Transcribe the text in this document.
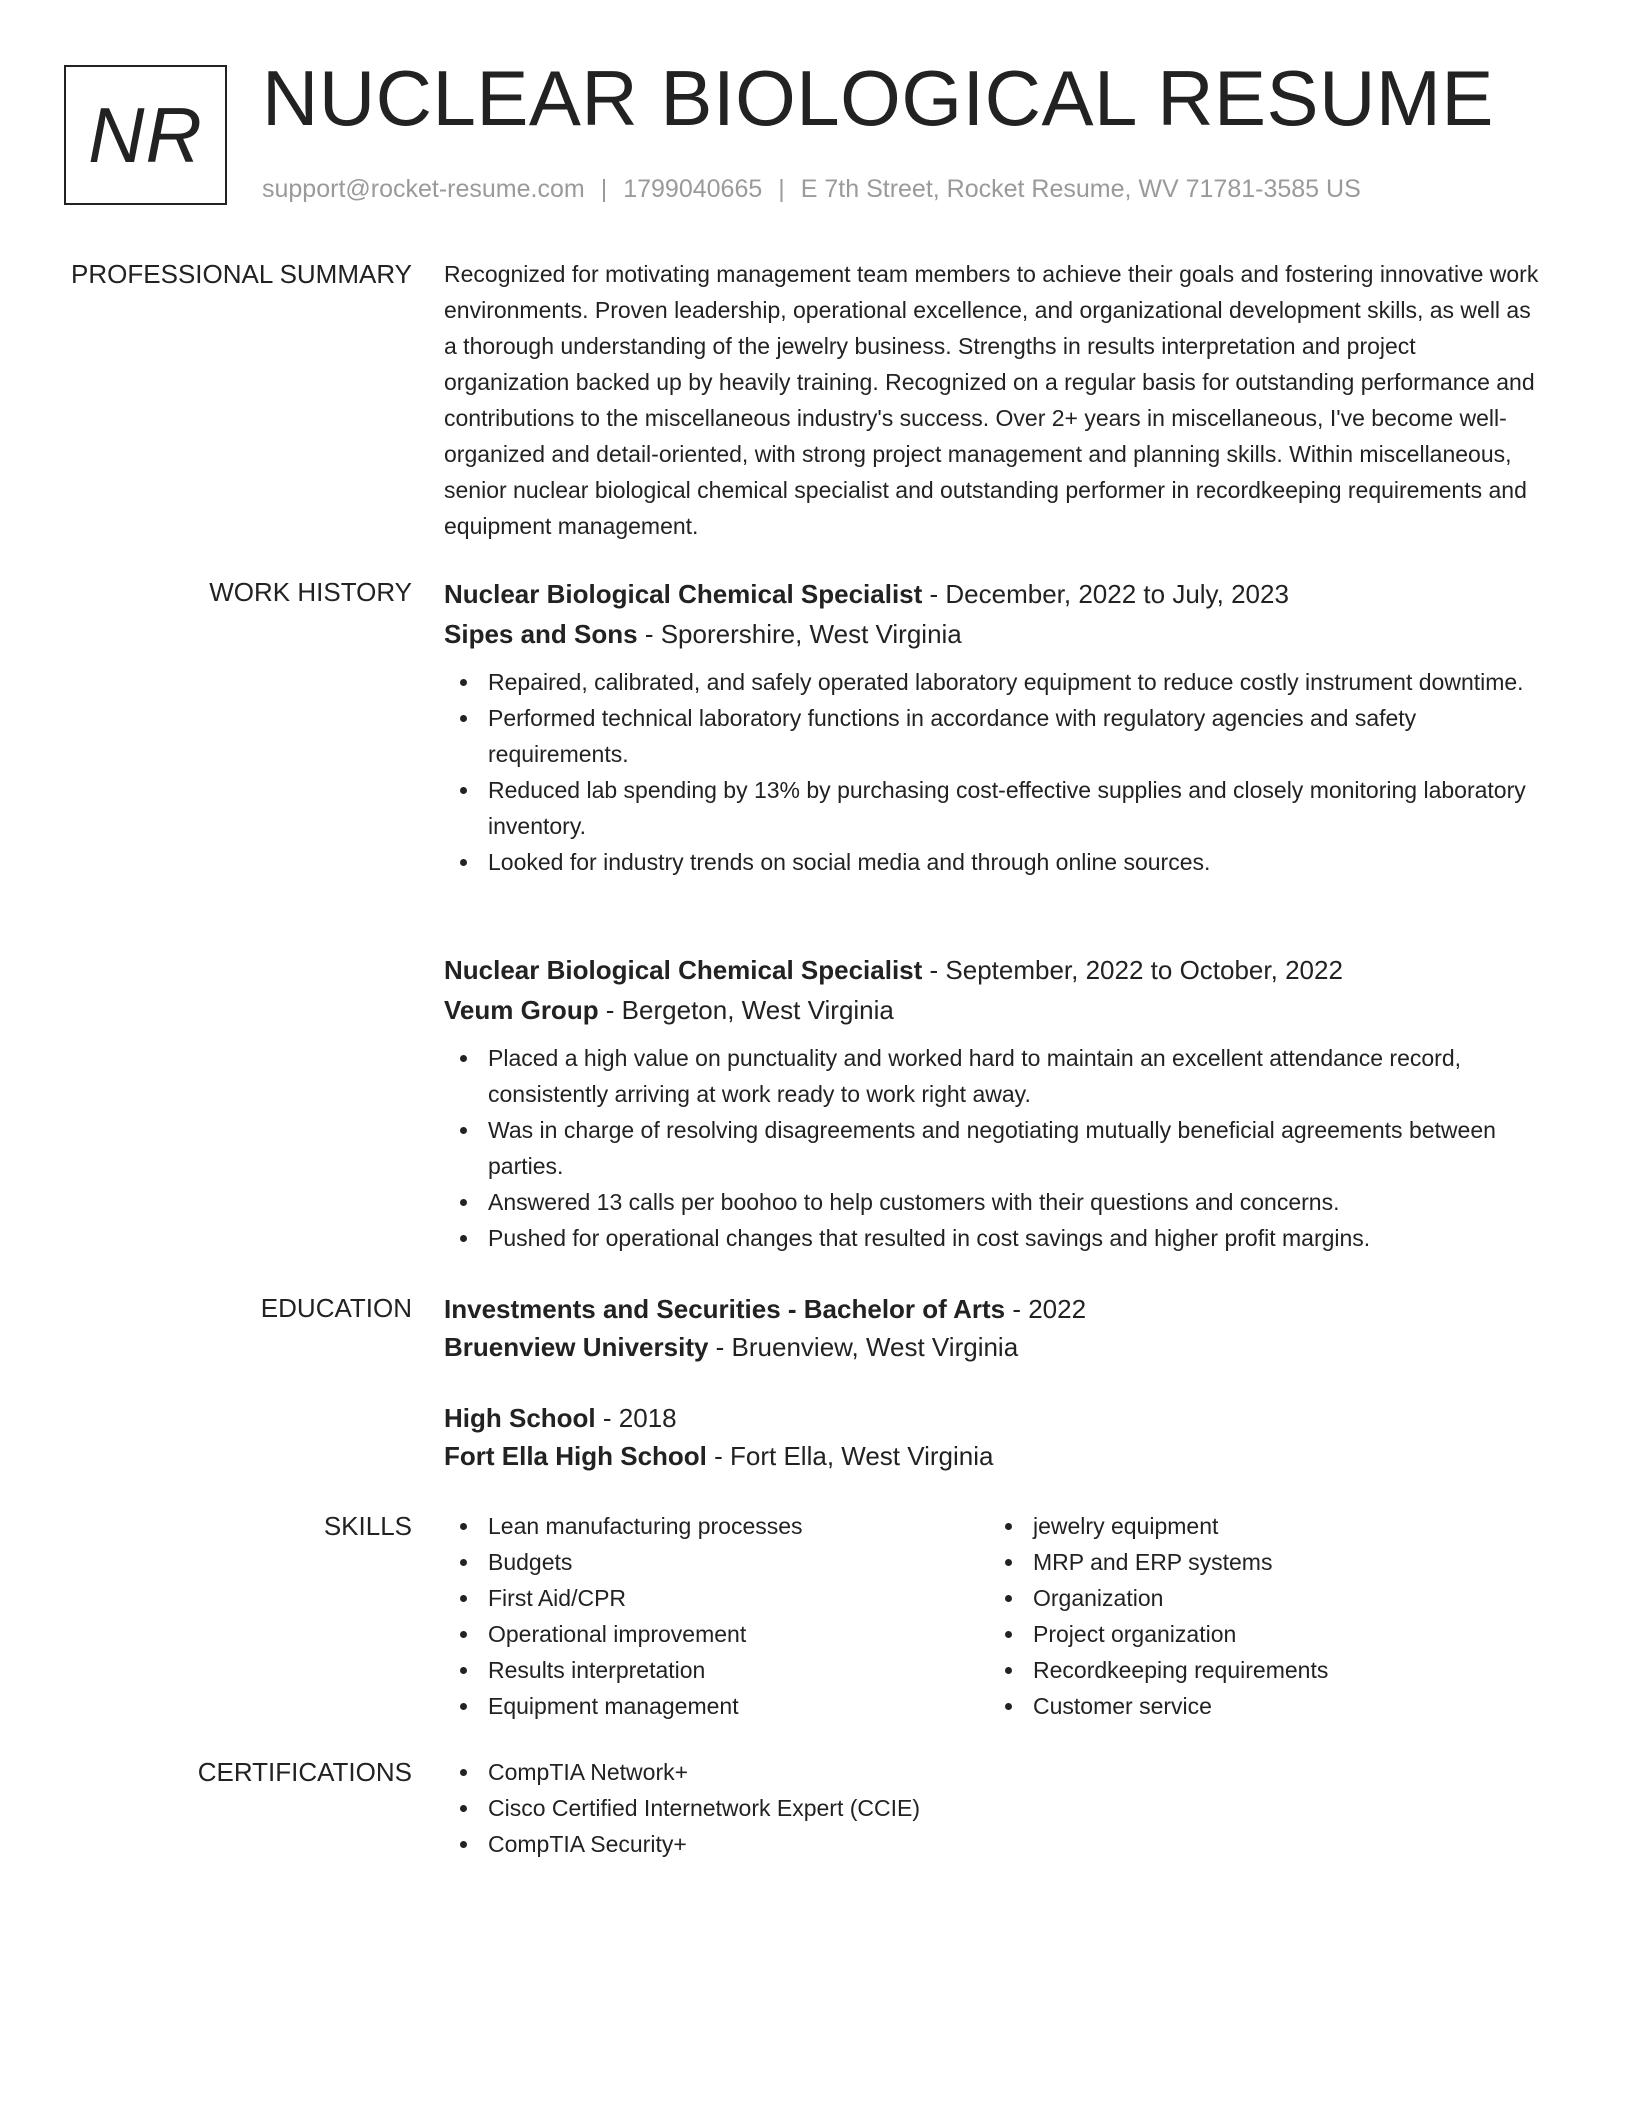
NR NUCLEAR BIOLOGICAL RESUME
support@rocket-resume.com | 1799040665 | E 7th Street, Rocket Resume, WV 71781-3585 US
PROFESSIONAL SUMMARY Recognized for motivating management team members to achieve their goals and fostering innovative work environments. Proven leadership, operational excellence, and organizational development skills, as well as a thorough understanding of the jewelry business. Strengths in results interpretation and project organization backed up by heavily training. Recognized on a regular basis for outstanding performance and contributions to the miscellaneous industry's success. Over 2+ years in miscellaneous, I've become well-organized and detail-oriented, with strong project management and planning skills. Within miscellaneous, senior nuclear biological chemical specialist and outstanding performer in recordkeeping requirements and equipment management.

WORK HISTORY Nuclear Biological Chemical Specialist - December, 2022 to July, 2023

Sipes and Sons - Sporershire, West Virginia

Repaired, calibrated, and safely operated laboratory equipment to reduce costly instrument downtime.
Performed technical laboratory functions in accordance with regulatory agencies and safety requirements.
Reduced lab spending by 13% by purchasing cost-effective supplies and closely monitoring laboratory inventory.
Looked for industry trends on social media and through online sources.

Nuclear Biological Chemical Specialist - September, 2022 to October, 2022

Veum Group - Bergeton, West Virginia

Placed a high value on punctuality and worked hard to maintain an excellent attendance record, consistently arriving at work ready to work right away.
Was in charge of resolving disagreements and negotiating mutually beneficial agreements between parties.
Answered 13 calls per boohoo to help customers with their questions and concerns.
Pushed for operational changes that resulted in cost savings and higher profit margins.
EDUCATION Investments and Securities - Bachelor of Arts - 2022

Bruenview University - Bruenview, West Virginia

High School - 2018

Fort Ella High School - Fort Ella, West Virginia

SKILLS	Lean manufacturing processes
Budgets
First Aid/CPR
Operational improvement
Results interpretation
Equipment management
jewelry equipment
MRP and ERP systems
Organization
Project organization
Recordkeeping requirements
Customer service
CERTIFICATIONS	CompTIA Network+
Cisco Certified Internetwork Expert (CCIE)
CompTIA Security+
